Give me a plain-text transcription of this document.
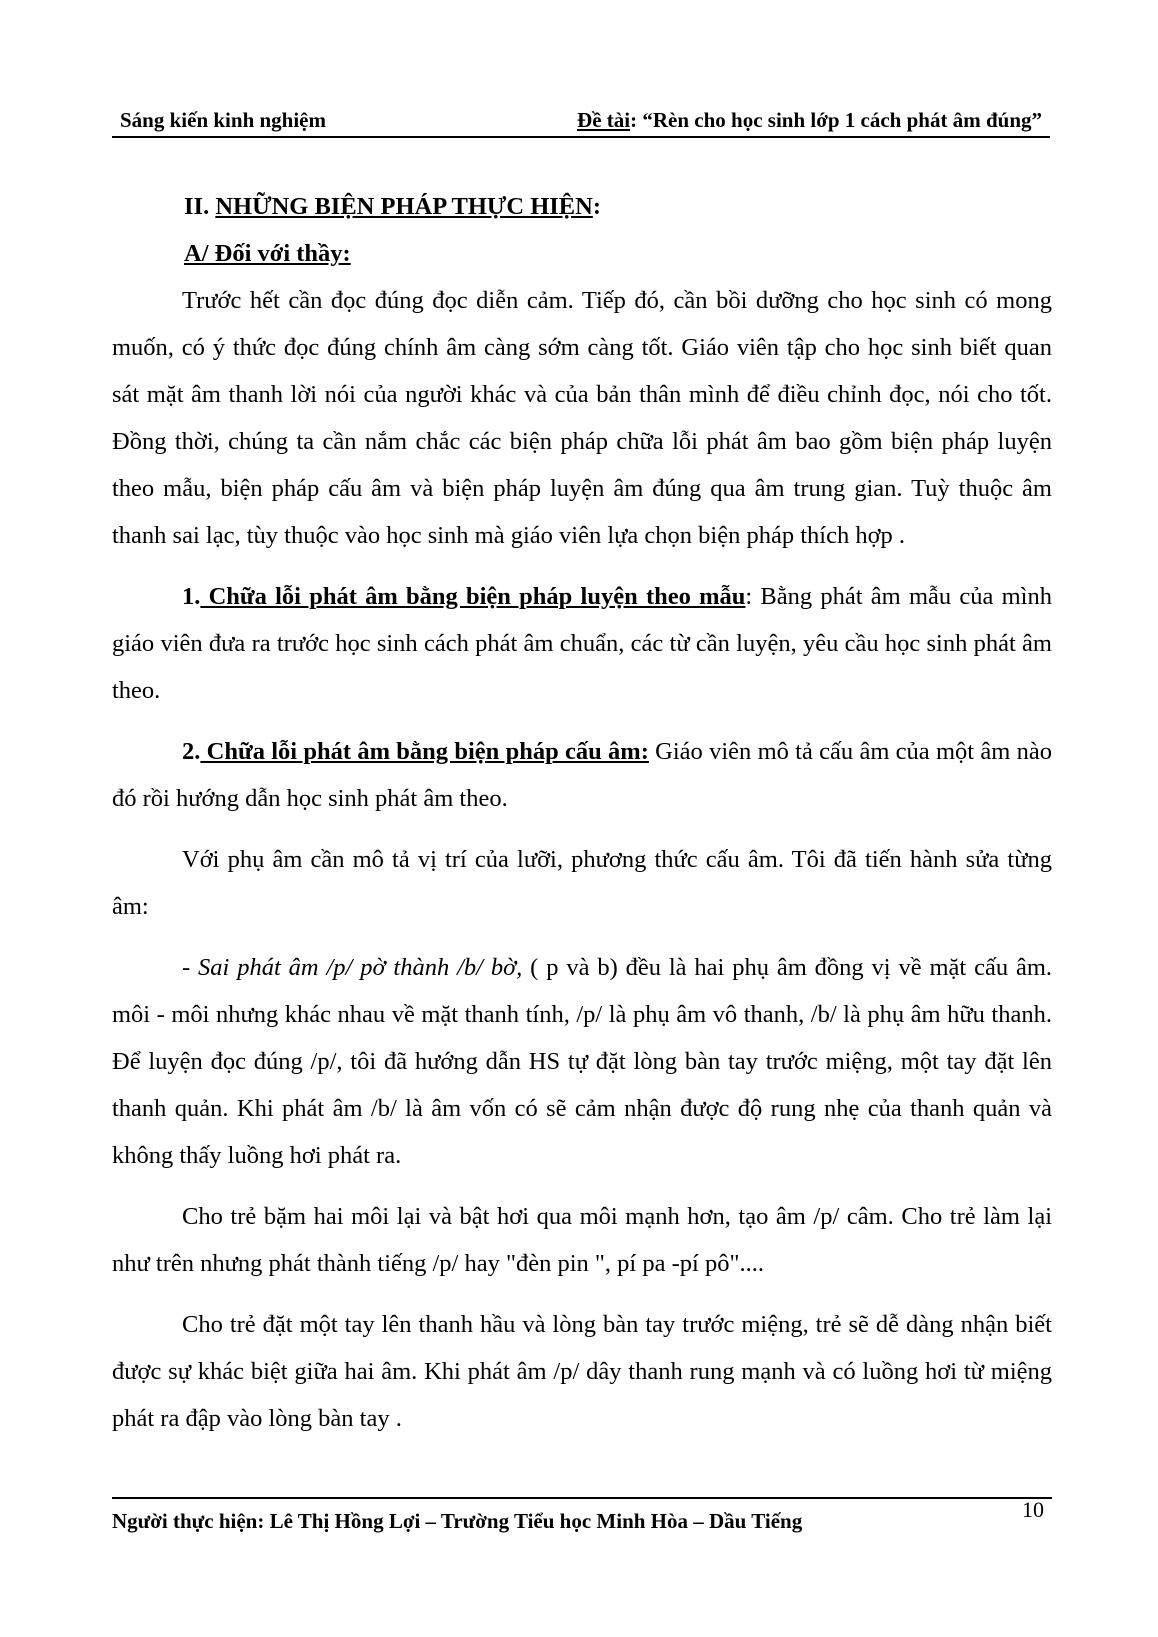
Sáng kiến kinh nghiệm	Đề tài: “Rèn cho học sinh lớp 1 cách phát âm đúng”

II. NHỮNG BIỆN PHÁP THỰC HIỆN:

A/ Đối với thầy:

Trước hết cần đọc đúng đọc diễn cảm. Tiếp đó, cần bồi dưỡng cho học sinh có mong muốn, có ý thức đọc đúng chính âm càng sớm càng tốt. Giáo viên tập cho học sinh biết quan sát mặt âm thanh lời nói của người khác và của bản thân mình để điều chỉnh đọc, nói cho tốt. Đồng thời, chúng ta cần nắm chắc các biện pháp chữa lỗi phát âm bao gồm biện pháp luyện theo mẫu, biện pháp cấu âm và biện pháp luyện âm đúng qua âm trung gian. Tuỳ thuộc âm thanh sai lạc, tùy thuộc vào học sinh mà giáo viên lựa chọn biện pháp thích hợp .

1. Chữa lỗi phát âm bằng biện pháp luyện theo mẫu: Bằng phát âm mẫu của mình giáo viên đưa ra trước học sinh cách phát âm chuẩn, các từ cần luyện, yêu cầu học sinh phát âm theo.

2. Chữa lỗi phát âm bằng biện pháp cấu âm: Giáo viên mô tả cấu âm của một âm nào đó rồi hướng dẫn học sinh phát âm theo.

Với phụ âm cần mô tả vị trí của lưỡi, phương thức cấu âm. Tôi đã tiến hành sửa từng âm:

- Sai phát âm /p/ pờ thành /b/ bờ, ( p và b) đều là hai phụ âm đồng vị về mặt cấu âm. môi - môi nhưng khác nhau về mặt thanh tính, /p/ là phụ âm vô thanh, /b/ là phụ âm hữu thanh. Để luyện đọc đúng /p/, tôi đã hướng dẫn HS tự đặt lòng bàn tay trước miệng, một tay đặt lên thanh quản. Khi phát âm /b/ là âm vốn có sẽ cảm nhận được độ rung nhẹ của thanh quản và không thấy luồng hơi phát ra.

Cho trẻ bặm hai môi lại và bật hơi qua môi mạnh hơn, tạo âm /p/ câm. Cho trẻ làm lại như trên nhưng phát thành tiếng /p/ hay "đèn pin ", pí pa -pí pô"....

Cho trẻ đặt một tay lên thanh hầu và lòng bàn tay trước miệng, trẻ sẽ dễ dàng nhận biết được sự khác biệt giữa hai âm. Khi phát âm /p/ dây thanh rung mạnh và có luồng hơi từ miệng phát ra đập vào lòng bàn tay .

Người thực hiện: Lê Thị Hồng Lợi – Trường Tiểu học Minh Hòa – Dầu Tiếng	10
